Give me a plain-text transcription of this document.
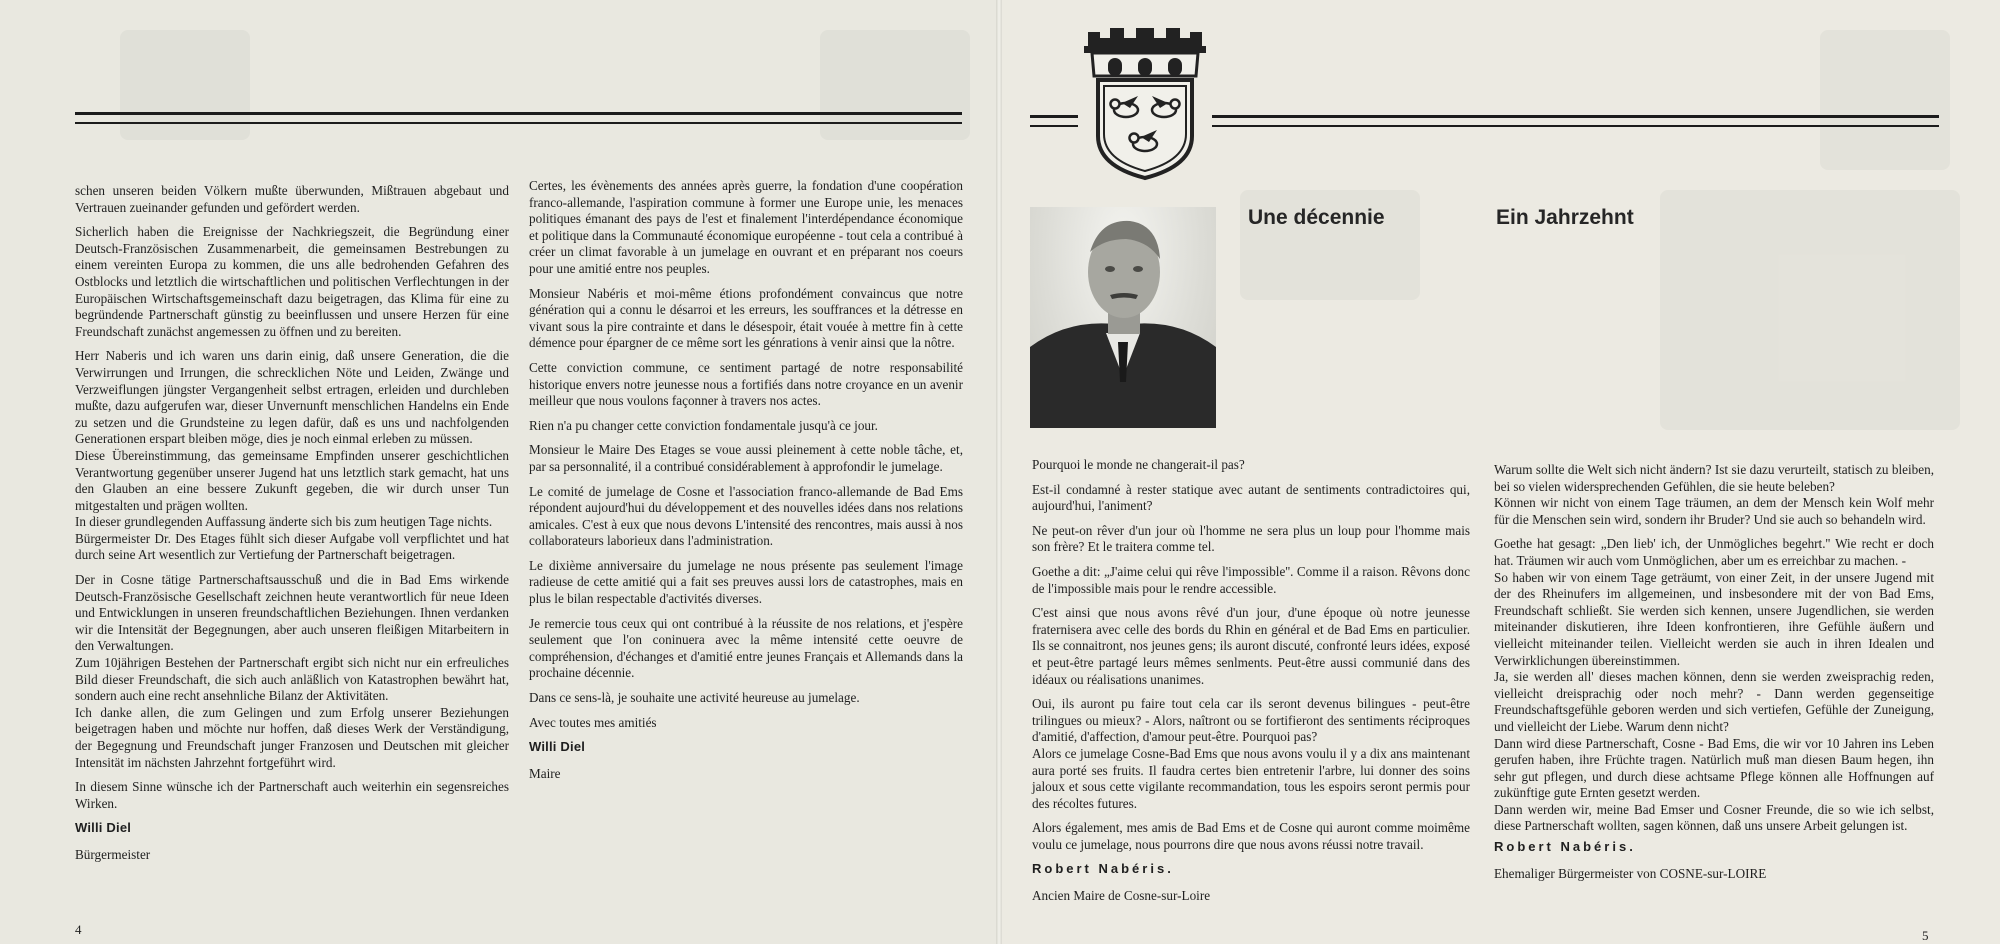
schen unseren beiden Völkern mußte überwunden, Mißtrauen abgebaut und Vertrauen zueinander gefunden und gefördert werden.

Sicherlich haben die Ereignisse der Nachkriegszeit, die Begründung einer Deutsch-Französischen Zusammenarbeit, die gemeinsamen Bestrebungen zu einem vereinten Europa zu kommen, die uns alle bedrohenden Gefahren des Ostblocks und letztlich die wirtschaftlichen und politischen Verflechtungen in der Europäischen Wirtschaftsgemeinschaft dazu beigetragen, das Klima für eine zu begründende Partnerschaft günstig zu beeinflussen und unsere Herzen für eine Freundschaft zunächst angemessen zu öffnen und zu bereiten.

Herr Naberis und ich waren uns darin einig, daß unsere Generation, die die Verwirrungen und Irrungen, die schrecklichen Nöte und Leiden, Zwänge und Verzweiflungen jüngster Vergangenheit selbst ertragen, erleiden und durchleben mußte, dazu aufgerufen war, dieser Unvernunft menschlichen Handelns ein Ende zu setzen und die Grundsteine zu legen dafür, daß es uns und nachfolgenden Generationen erspart bleiben möge, dies je noch einmal erleben zu müssen.

Diese Übereinstimmung, das gemeinsame Empfinden unserer geschichtlichen Verantwortung gegenüber unserer Jugend hat uns letztlich stark gemacht, hat uns den Glauben an eine bessere Zukunft gegeben, die wir durch unser Tun mitgestalten und prägen wollten.

In dieser grundlegenden Auffassung änderte sich bis zum heutigen Tage nichts.

Bürgermeister Dr. Des Etages fühlt sich dieser Aufgabe voll verpflichtet und hat durch seine Art wesentlich zur Vertiefung der Partnerschaft beigetragen.

Der in Cosne tätige Partnerschaftsausschuß und die in Bad Ems wirkende Deutsch-Französische Gesellschaft zeichnen heute verantwortlich für neue Ideen und Entwicklungen in unseren freundschaftlichen Beziehungen. Ihnen verdanken wir die Intensität der Begegnungen, aber auch unseren fleißigen Mitarbeitern in den Verwaltungen.

Zum 10jährigen Bestehen der Partnerschaft ergibt sich nicht nur ein erfreuliches Bild dieser Freundschaft, die sich auch anläßlich von Katastrophen bewährt hat, sondern auch eine recht ansehnliche Bilanz der Aktivitäten.

Ich danke allen, die zum Gelingen und zum Erfolg unserer Beziehungen beigetragen haben und möchte nur hoffen, daß dieses Werk der Verständigung, der Begegnung und Freundschaft junger Franzosen und Deutschen mit gleicher Intensität im nächsten Jahrzehnt fortgeführt wird.

In diesem Sinne wünsche ich der Partnerschaft auch weiterhin ein segensreiches Wirken.

Willi Diel
Bürgermeister

Certes, les évènements des années après guerre, la fondation d'une coopération franco-allemande, l'aspiration commune à former une Europe unie, les menaces politiques émanant des pays de l'est et finalement l'interdépendance économique et politique dans la Communauté économique européenne - tout cela a contribué à créer un climat favorable à un jumelage en ouvrant et en préparant nos coeurs pour une amitié entre nos peuples.

Monsieur Nabéris et moi-même étions profondément convaincus que notre génération qui a connu le désarroi et les erreurs, les souffrances et la détresse en vivant sous la pire contrainte et dans le désespoir, était vouée à mettre fin à cette démence pour épargner de ce même sort les génrations à venir ainsi que la nôtre.

Cette conviction commune, ce sentiment partagé de notre responsabilité historique envers notre jeunesse nous a fortifiés dans notre croyance en un avenir meilleur que nous voulons façonner à travers nos actes.

Rien n'a pu changer cette conviction fondamentale jusqu'à ce jour.

Monsieur le Maire Des Etages se voue aussi pleinement à cette noble tâche, et, par sa personnalité, il a contribué considérablement à approfondir le jumelage.

Le comité de jumelage de Cosne et l'association franco-allemande de Bad Ems répondent aujourd'hui du développement et des nouvelles idées dans nos relations amicales. C'est à eux que nous devons L'intensité des rencontres, mais aussi à nos collaborateurs laborieux dans l'administration.

Le dixième anniversaire du jumelage ne nous présente pas seulement l'image radieuse de cette amitié qui a fait ses preuves aussi lors de catastrophes, mais en plus le bilan respectable d'activités diverses.

Je remercie tous ceux qui ont contribué à la réussite de nos relations, et j'espère seulement que l'on coninuera avec la même intensité cette oeuvre de compréhension, d'échanges et d'amitié entre jeunes Français et Allemands dans la prochaine décennie.

Dans ce sens-là, je souhaite une activité heureuse au jumelage.

Avec toutes mes amitiés

Willi Diel
Maire
4
Une décennie	Ein Jahrzehnt

Pourquoi le monde ne changerait-il pas?

Est-il condamné à rester statique avec autant de sentiments contradictoires qui, aujourd'hui, l'animent?

Ne peut-on rêver d'un jour où l'homme ne sera plus un loup pour l'homme mais son frère? Et le traitera comme tel.

Goethe a dit: „J'aime celui qui rêve l'impossible''. Comme il a raison. Rêvons donc de l'impossible mais pour le rendre accessible.

C'est ainsi que nous avons rêvé d'un jour, d'une époque où notre jeunesse fraternisera avec celle des bords du Rhin en général et de Bad Ems en particulier. Ils se connaitront, nos jeunes gens; ils auront discuté, confronté leurs idées, exposé et peut-être partagé leurs mêmes senlments. Peut-être aussi communié dans des idéaux ou réalisations unanimes.

Oui, ils auront pu faire tout cela car ils seront devenus bilingues - peut-être trilingues ou mieux? - Alors, naîtront ou se fortifieront des sentiments réciproques d'amitié, d'affection, d'amour peut-être. Pourquoi pas?

Alors ce jumelage Cosne-Bad Ems que nous avons voulu il y a dix ans maintenant aura porté ses fruits. Il faudra certes bien entretenir l'arbre, lui donner des soins jaloux et sous cette vigilante recommandation, tous les espoirs seront permis pour des récoltes futures.

Alors également, mes amis de Bad Ems et de Cosne qui auront comme moimême voulu ce jumelage, nous pourrons dire que nous avons réussi notre travail.

Robert Nabéris.
Ancien Maire de Cosne-sur-Loire

Warum sollte die Welt sich nicht ändern? Ist sie dazu verurteilt, statisch zu bleiben, bei so vielen widersprechenden Gefühlen, die sie heute beleben?

Können wir nicht von einem Tage träumen, an dem der Mensch kein Wolf mehr für die Menschen sein wird, sondern ihr Bruder? Und sie auch so behandeln wird.

Goethe hat gesagt: „Den lieb' ich, der Unmögliches begehrt.'' Wie recht er doch hat. Träumen wir auch vom Unmöglichen, aber um es erreichbar zu machen. -

So haben wir von einem Tage geträumt, von einer Zeit, in der unsere Jugend mit der des Rheinufers im allgemeinen, und insbesondere mit der von Bad Ems, Freundschaft schließt. Sie werden sich kennen, unsere Jugendlichen, sie werden miteinander diskutieren, ihre Ideen konfrontieren, ihre Gefühle äußern und vielleicht miteinander teilen. Vielleicht werden sie auch in ihren Idealen und Verwirklichungen übereinstimmen.

Ja, sie werden all' dieses machen können, denn sie werden zweisprachig reden, vielleicht dreisprachig oder noch mehr? - Dann werden gegenseitige Freundschaftsgefühle geboren werden und sich vertiefen, Gefühle der Zuneigung, und vielleicht der Liebe. Warum denn nicht?

Dann wird diese Partnerschaft, Cosne - Bad Ems, die wir vor 10 Jahren ins Leben gerufen haben, ihre Früchte tragen. Natürlich muß man diesen Baum hegen, ihn sehr gut pflegen, und durch diese achtsame Pflege können alle Hoffnungen auf zukünftige gute Ernten gesetzt werden.

Dann werden wir, meine Bad Emser und Cosner Freunde, die so wie ich selbst, diese Partnerschaft wollten, sagen können, daß uns unsere Arbeit gelungen ist.

Robert Nabéris.
Ehemaliger Bürgermeister von COSNE-sur-LOIRE
5
